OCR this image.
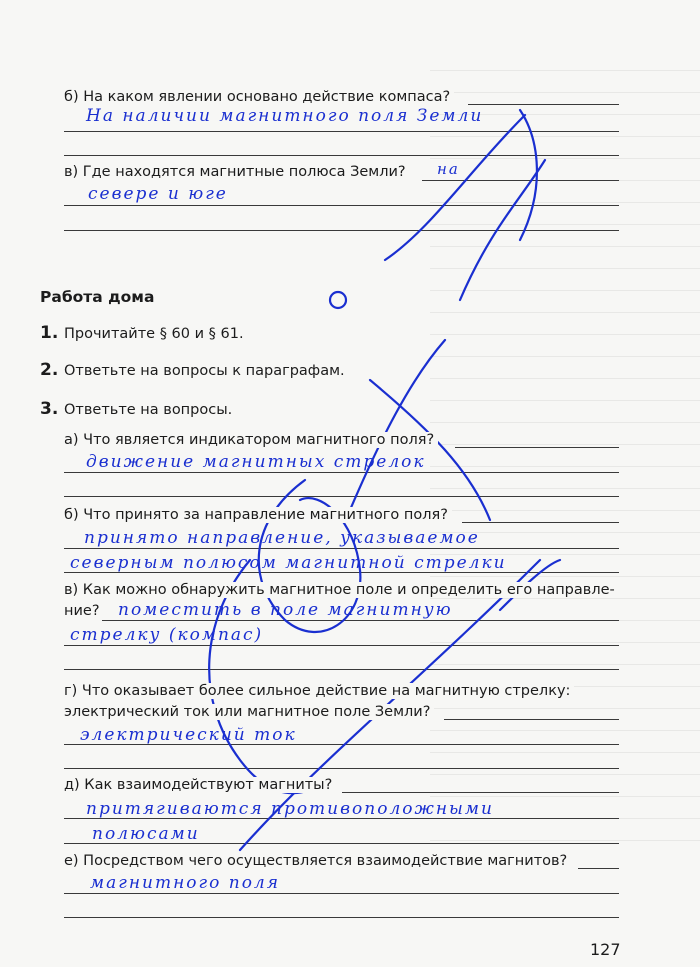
б) На каком явлении основано действие компаса?
На наличии магнитного поля Земли
в) Где находятся магнитные полюса Земли?	на
севере и юге
Работа дома
1. Прочитайте § 60 и § 61.
2. Ответьте на вопросы к параграфам.
3. Ответьте на вопросы.
а) Что является индикатором магнитного поля?
движение магнитных стрелок
б) Что принято за направление магнитного поля?
принято направление, указываемое
северным полюсом магнитной стрелки
в) Как можно обнаружить магнитное поле и определить его направле-
ние?	поместить в поле магнитную
стрелку (компас)
г) Что оказывает более сильное действие на магнитную стрелку:
электрический ток или магнитное поле Земли?
электрический ток
д) Как взаимодействуют магниты?
притягиваются противоположными
полюсами
е) Посредством чего осуществляется взаимодействие магнитов?
магнитного поля
127
